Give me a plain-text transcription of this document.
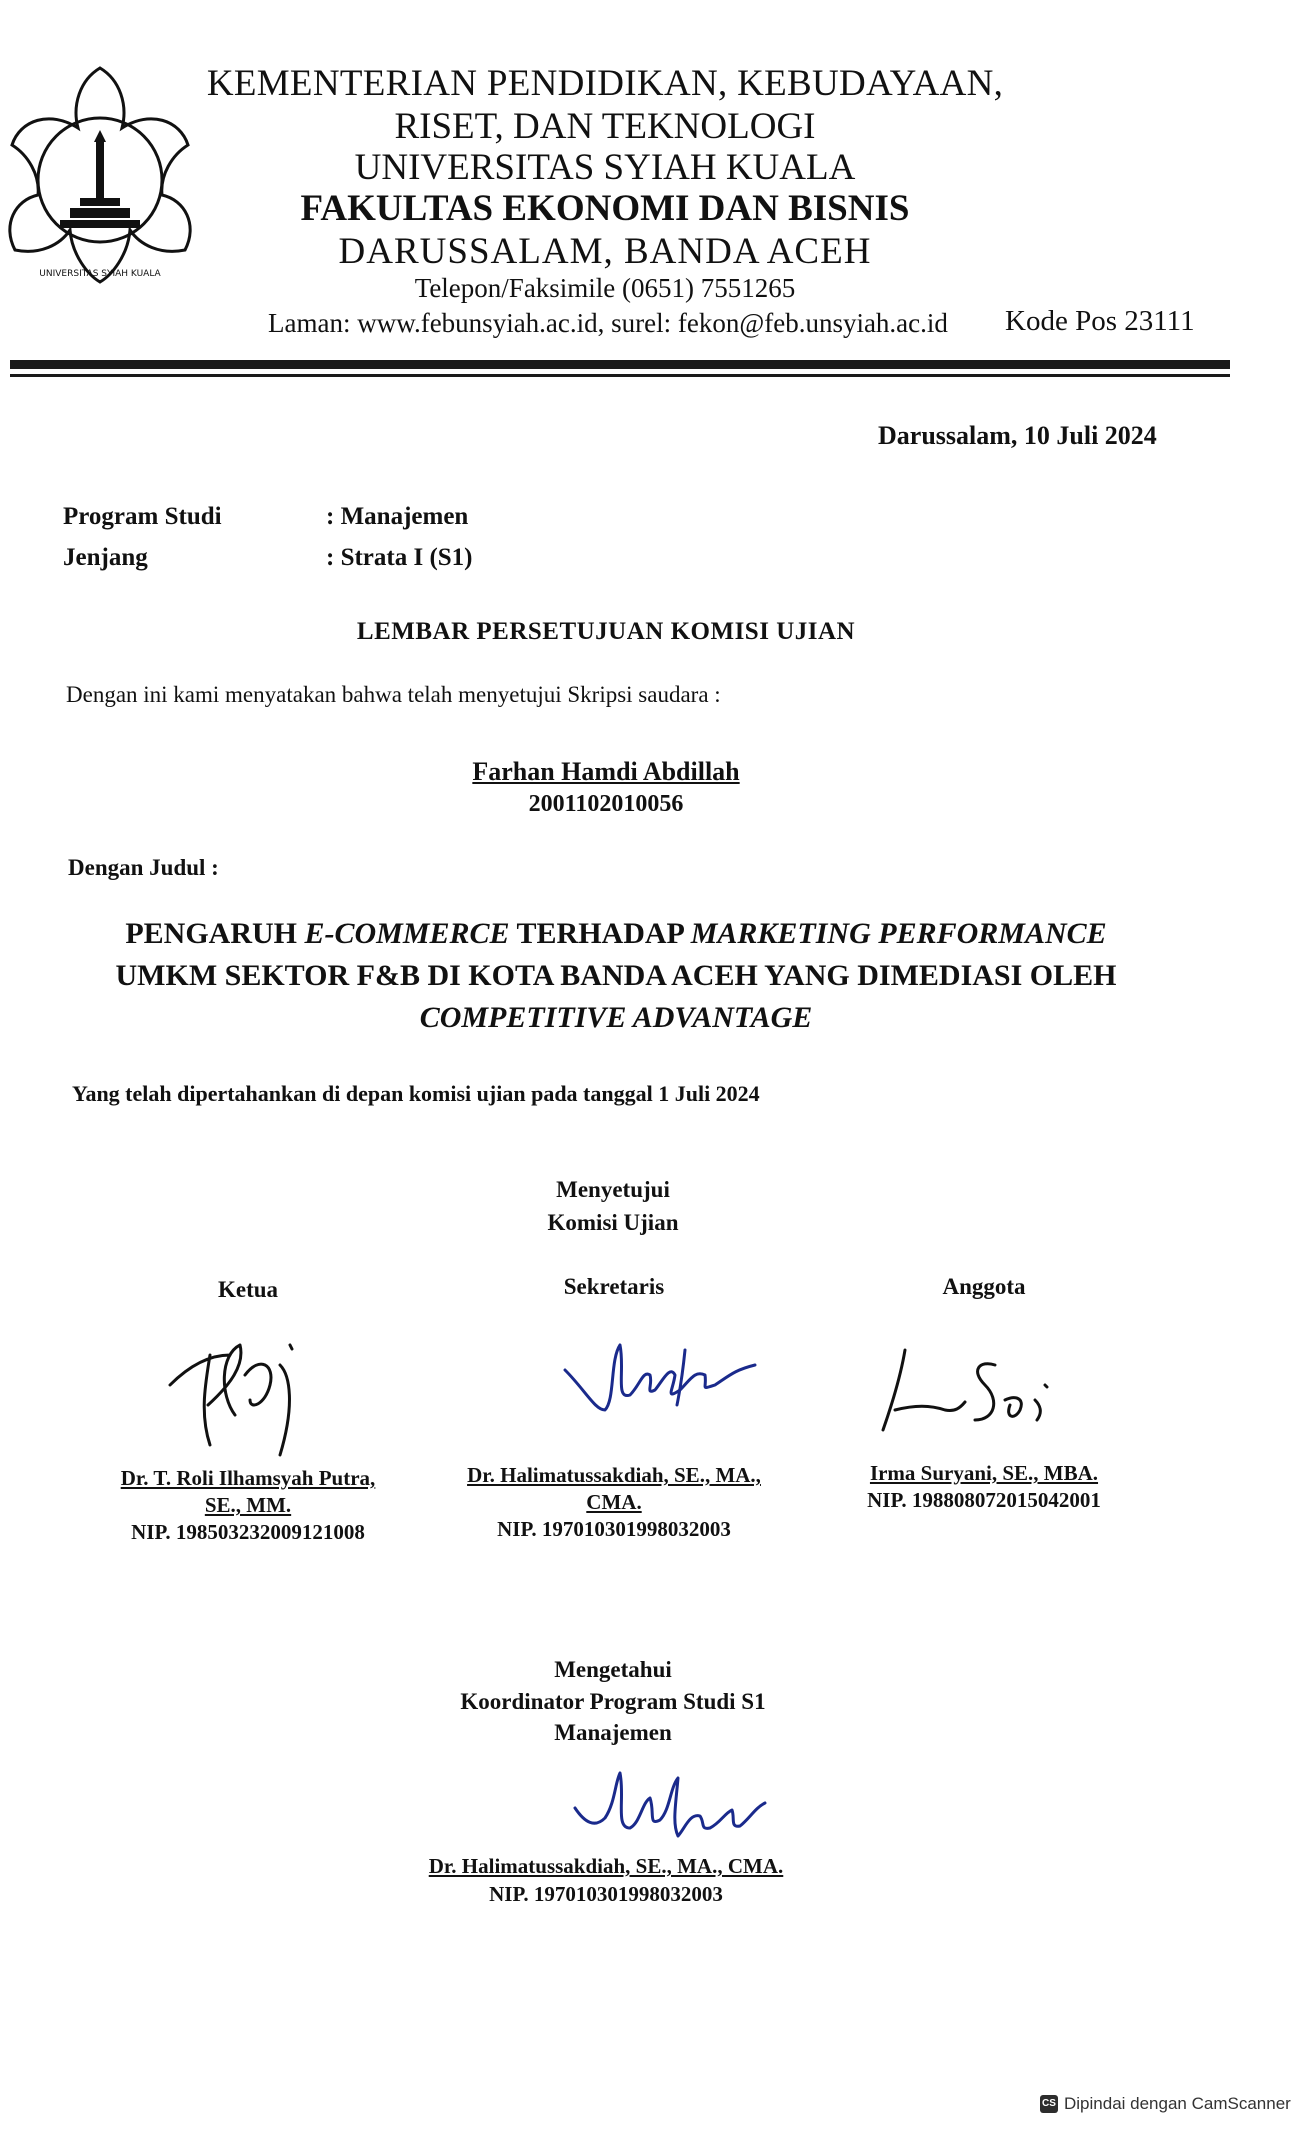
UNIVERSITAS SYIAH KUALA
KEMENTERIAN PENDIDIKAN, KEBUDAYAAN,
RISET, DAN TEKNOLOGI
UNIVERSITAS SYIAH KUALA
FAKULTAS EKONOMI DAN BISNIS
DARUSSALAM, BANDA ACEH
Telepon/Faksimile (0651) 7551265
Laman: www.febunsyiah.ac.id, surel: fekon@feb.unsyiah.ac.id Kode Pos 23111
Darussalam, 10 Juli 2024
Program Studi	: Manajemen
Jenjang	: Strata I (S1)
LEMBAR PERSETUJUAN KOMISI UJIAN
Dengan ini kami menyatakan bahwa telah menyetujui Skripsi saudara :
Farhan Hamdi Abdillah
2001102010056
Dengan Judul :
PENGARUH E-COMMERCE TERHADAP MARKETING PERFORMANCE
UMKM SEKTOR F&B DI KOTA BANDA ACEH YANG DIMEDIASI OLEH
COMPETITIVE ADVANTAGE
Yang telah dipertahankan di depan komisi ujian pada tanggal 1 Juli 2024
Menyetujui
Komisi Ujian
Ketua	Sekretaris	Anggota
Dr. T. Roli Ilhamsyah Putra,
SE., MM.
NIP. 198503232009121008
Dr. Halimatussakdiah, SE., MA.,
CMA.
NIP. 197010301998032003
Irma Suryani, SE., MBA.
NIP. 198808072015042001
Mengetahui
Koordinator Program Studi S1
Manajemen
Dr. Halimatussakdiah, SE., MA., CMA.
NIP. 197010301998032003
CS Dipindai dengan CamScanner
